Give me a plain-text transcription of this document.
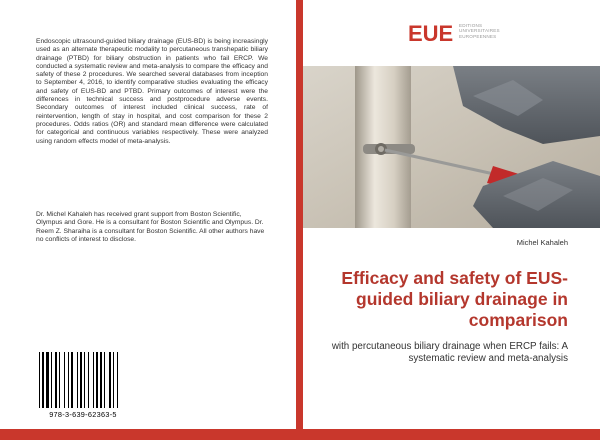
Endoscopic ultrasound-guided biliary drainage (EUS-BD) is being increasingly used as an alternate therapeutic modality to percutaneous transhepatic biliary drainage (PTBD) for biliary obstruction in patients who fail ERCP. We conducted a systematic review and meta-analysis to compare the efficacy and safety of these 2 procedures. We searched several databases from inception to September 4, 2016, to identify comparative studies evaluating the efficacy and safety of EUS-BD and PTBD. Primary outcomes of interest were the differences in technical success and postprocedure adverse events. Secondary outcomes of interest included clinical success, rate of reintervention, length of stay in hospital, and cost comparison for these 2 procedures. Odds ratios (OR) and standard mean difference were calculated for categorical and continuous variables respectively. These were analyzed using random effects model of meta-analysis.
Dr. Michel Kahaleh has received grant support from Boston Scientific, Olympus and Gore. He is a consultant for Boston Scientific and Olympus. Dr. Reem Z. Sharaiha is a consultant for Boston Scientific. All other authors have no conflicts of interest to disclose.
978-3-639-62363-5
EUE EDITIONS
UNIVERSITAIRES
EUROPEENNES
Michel Kahaleh
Efficacy and safety of EUS-guided biliary drainage in comparison
with percutaneous biliary drainage when ERCP fails: A systematic review and meta-analysis
